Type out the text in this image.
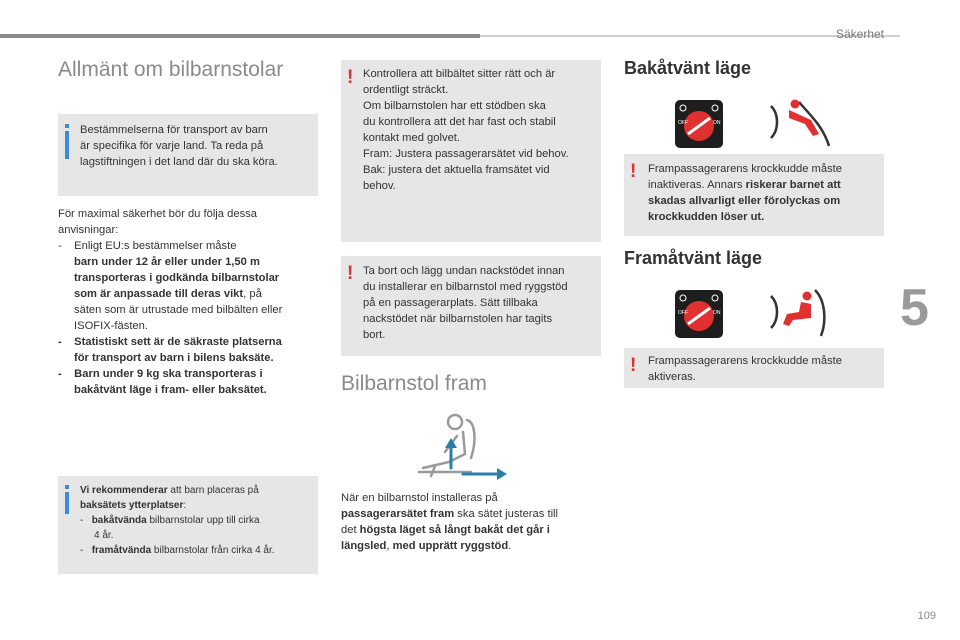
Säkerhet
5
109
Allmänt om bilbarnstolar
Bestämmelserna för transport av barn
är specifika för varje land. Ta reda på
lagstiftningen i det land där du ska köra.
För maximal säkerhet bör du följa dessa
anvisningar:
- Enligt EU:s bestämmelser måste
barn under 12 år eller under 1,50 m
transporteras i godkända bilbarnstolar
som är anpassade till deras vikt, på
säten som är utrustade med bilbälten eller
ISOFIX-fästen.
- Statistiskt sett är de säkraste platserna
för transport av barn i bilens baksäte.
- Barn under 9 kg ska transporteras i
bakåtvänt läge i fram- eller baksätet.
Vi rekommenderar att barn placeras på
baksätets ytterplatser:
- bakåtvända bilbarnstolar upp till cirka
4 år.
- framåtvända bilbarnstolar från cirka 4 år.
! Kontrollera att bilbältet sitter rätt och är
ordentligt sträckt.
Om bilbarnstolen har ett stödben ska
du kontrollera att det har fast och stabil
kontakt med golvet.
Fram: Justera passagerarsätet vid behov.
Bak: justera det aktuella framsätet vid
behov.
! Ta bort och lägg undan nackstödet innan
du installerar en bilbarnstol med ryggstöd
på en passagerarplats. Sätt tillbaka
nackstödet när bilbarnstolen har tagits
bort.
Bilbarnstol fram
När en bilbarnstol installeras på
passagerarsätet fram ska sätet justeras till
det högsta läget så långt bakåt det går i
längsled, med upprätt ryggstöd.
Bakåtvänt läge
OFF	ON
! Frampassagerarens krockkudde måste
inaktiveras. Annars riskerar barnet att
skadas allvarligt eller förolyckas om
krockkudden löser ut.
Framåtvänt läge
OFF	ON
! Frampassagerarens krockkudde måste
aktiveras.
